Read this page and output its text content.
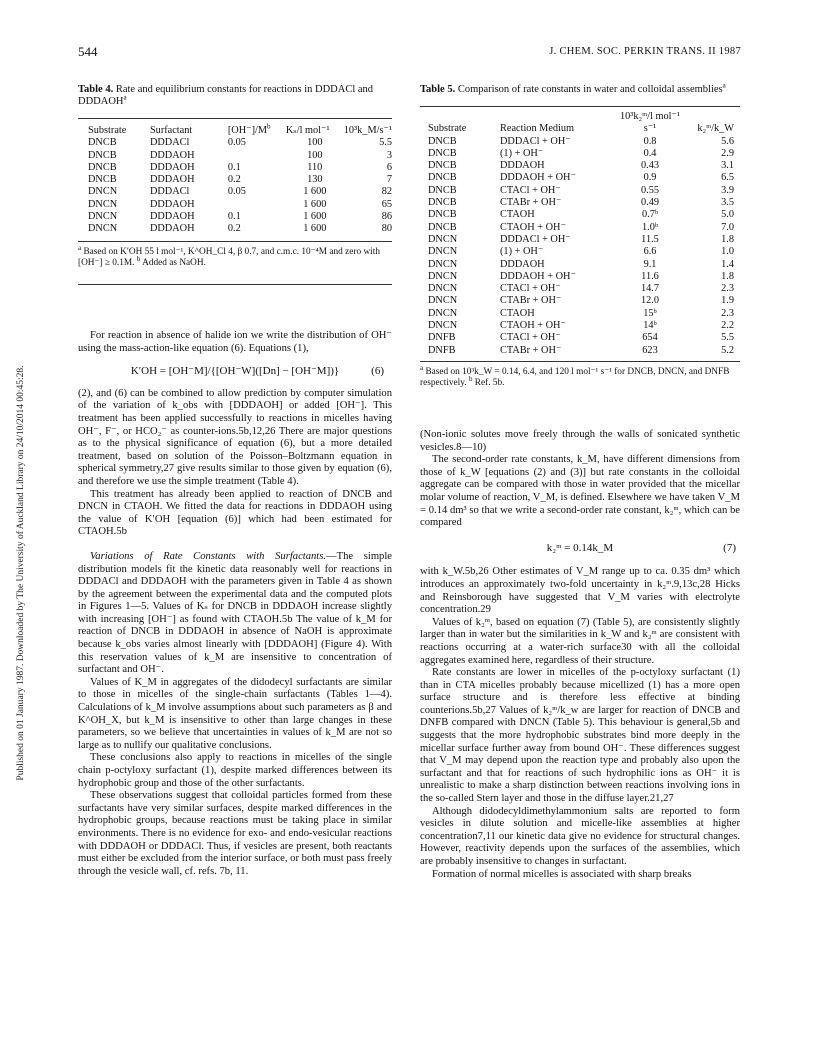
544	J. CHEM. SOC. PERKIN TRANS. II 1987
Published on 01 January 1987. Downloaded by The University of Auckland Library on 24/10/2014 00:45:28.
Table 4. Rate and equilibrium constants for reactions in DDDACl and DDDAOH$^a$
Substrate	Surfactant	$[OH^-]/M^b$	Kₛ/l mol⁻¹	10³k_M/s⁻¹
DNCB	DDDACl	0.05	100	5.5
DNCB	DDDAOH		100	3
DNCB	DDDAOH	0.1	110	6
DNCB	DDDAOH	0.2	130	7
DNCN	DDDACl	0.05	1 600	82
DNCN	DDDAOH		1 600	65
DNCN	DDDAOH	0.1	1 600	86
DNCN	DDDAOH	0.2	1 600	80
$^a$ Based on K′OH 55 l mol⁻¹, K^OH_Cl 4, β 0.7, and c.m.c. 10⁻⁴M and zero with [OH⁻] ≥ 0.1M. $^b$ Added as NaOH.
Table 5. Comparison of rate constants in water and colloidal assemblies$^a$
Substrate	Reaction Medium	10³k₂ᵐ/l mol⁻¹ s⁻¹	k₂ᵐ/k_W
DNCB	DDDACl + OH⁻	0.8	5.6
DNCB	(1) + OH⁻	0.4	2.9
DNCB	DDDAOH	0.43	3.1
DNCB	DDDAOH + OH⁻	0.9	6.5
DNCB	CTACl + OH⁻	0.55	3.9
DNCB	CTABr + OH⁻	0.49	3.5
DNCB	CTAOH	0.7ᵇ	5.0
DNCB	CTAOH + OH⁻	1.0ᵇ	7.0
DNCN	DDDACl + OH⁻	11.5	1.8
DNCN	(1) + OH⁻	6.6	1.0
DNCN	DDDAOH	9.1	1.4
DNCN	DDDAOH + OH⁻	11.6	1.8
DNCN	CTACl + OH⁻	14.7	2.3
DNCN	CTABr + OH⁻	12.0	1.9
DNCN	CTAOH	15ᵇ	2.3
DNCN	CTAOH + OH⁻	14ᵇ	2.2
DNFB	CTACl + OH⁻	654	5.5
DNFB	CTABr + OH⁻	623	5.2
$^a$ Based on 10³k_W = 0.14, 6.4, and 120 l mol⁻¹ s⁻¹ for DNCB, DNCN, and DNFB respectively. $^b$ Ref. 5b.

For reaction in absence of halide ion we write the distribution of OH⁻ using the mass-action-like equation (6). Equations (1),

K′OH = [OH⁻M]/{[OH⁻W]([Dn] − [OH⁻M])}	(6)

(2), and (6) can be combined to allow prediction by computer simulation of the variation of k_obs with [DDDAOH] or added [OH⁻]. This treatment has been applied successfully to reactions in micelles having OH⁻, F⁻, or HCO₂⁻ as counter-ions.5b,12,26 There are major questions as to the physical significance of equation (6), but a more detailed treatment, based on solution of the Poisson–Boltzmann equation in spherical symmetry,27 give results similar to those given by equation (6), and therefore we use the simple treatment (Table 4).

This treatment has already been applied to reaction of DNCB and DNCN in CTAOH. We fitted the data for reactions in DDDAOH using the value of K′OH [equation (6)] which had been estimated for CTAOH.5b

Variations of Rate Constants with Surfactants.—The simple distribution models fit the kinetic data reasonably well for reactions in DDDACl and DDDAOH with the parameters given in Table 4 as shown by the agreement between the experimental data and the computed plots in Figures 1—5. Values of Kₛ for DNCB in DDDAOH increase slightly with increasing [OH⁻] as found with CTAOH.5b The value of k_M for reaction of DNCB in DDDAOH in absence of NaOH is approximate because k_obs varies almost linearly with [DDDAOH] (Figure 4). With this reservation values of k_M are insensitive to concentration of surfactant and OH⁻.

Values of K_M in aggregates of the didodecyl surfactants are similar to those in micelles of the single-chain surfactants (Tables 1—4). Calculations of k_M involve assumptions about such parameters as β and K^OH_X, but k_M is insensitive to other than large changes in these parameters, so we believe that uncertainties in values of k_M are not so large as to nullify our qualitative conclusions.

These conclusions also apply to reactions in micelles of the single chain p-octyloxy surfactant (1), despite marked differences between its hydrophobic group and those of the other surfactants.

These observations suggest that colloidal particles formed from these surfactants have very similar surfaces, despite marked differences in the hydrophobic groups, because reactions must be taking place in similar environments. There is no evidence for exo- and endo-vesicular reactions with DDDAOH or DDDACl. Thus, if vesicles are present, both reactants must either be excluded from the interior surface, or both must pass freely through the vesicle wall, cf. refs. 7b, 11.

(Non-ionic solutes move freely through the walls of sonicated synthetic vesicles.8—10)

The second-order rate constants, k_M, have different dimensions from those of k_W [equations (2) and (3)] but rate constants in the colloidal aggregate can be compared with those in water provided that the micellar molar volume of reaction, V_M, is defined. Elsewhere we have taken V_M = 0.14 dm³ so that we write a second-order rate constant, k₂ᵐ, which can be compared

k₂ᵐ = 0.14k_M	(7)

with k_W.5b,26 Other estimates of V_M range up to ca. 0.35 dm³ which introduces an approximately two-fold uncertainty in k₂ᵐ.9,13c,28 Hicks and Reinsborough have suggested that V_M varies with electrolyte concentration.29

Values of k₂ᵐ, based on equation (7) (Table 5), are consistently slightly larger than in water but the similarities in k_W and k₂ᵐ are consistent with reactions occurring at a water-rich surface30 with all the colloidal aggregates examined here, regardless of their structure.

Rate constants are lower in micelles of the p-octyloxy surfactant (1) than in CTA micelles probably because micellized (1) has a more open surface structure and is therefore less effective at binding counterions.5b,27 Values of k₂ᵐ/k_w are larger for reaction of DNCB and DNFB compared with DNCN (Table 5). This behaviour is general,5b and suggests that the more hydrophobic substrates bind more deeply in the micellar surface further away from bound OH⁻. These differences suggest that V_M may depend upon the reaction type and probably also upon the surfactant and that for reactions of such hydrophilic ions as OH⁻ it is unrealistic to make a sharp distinction between reactions involving ions in the so-called Stern layer and those in the diffuse layer.21,27

Although didodecyldimethylammonium salts are reported to form vesicles in dilute solution and micelle-like assemblies at higher concentration7,11 our kinetic data give no evidence for structural changes. However, reactivity depends upon the surfaces of the assemblies, which are probably insensitive to changes in surfactant.

Formation of normal micelles is associated with sharp breaks
